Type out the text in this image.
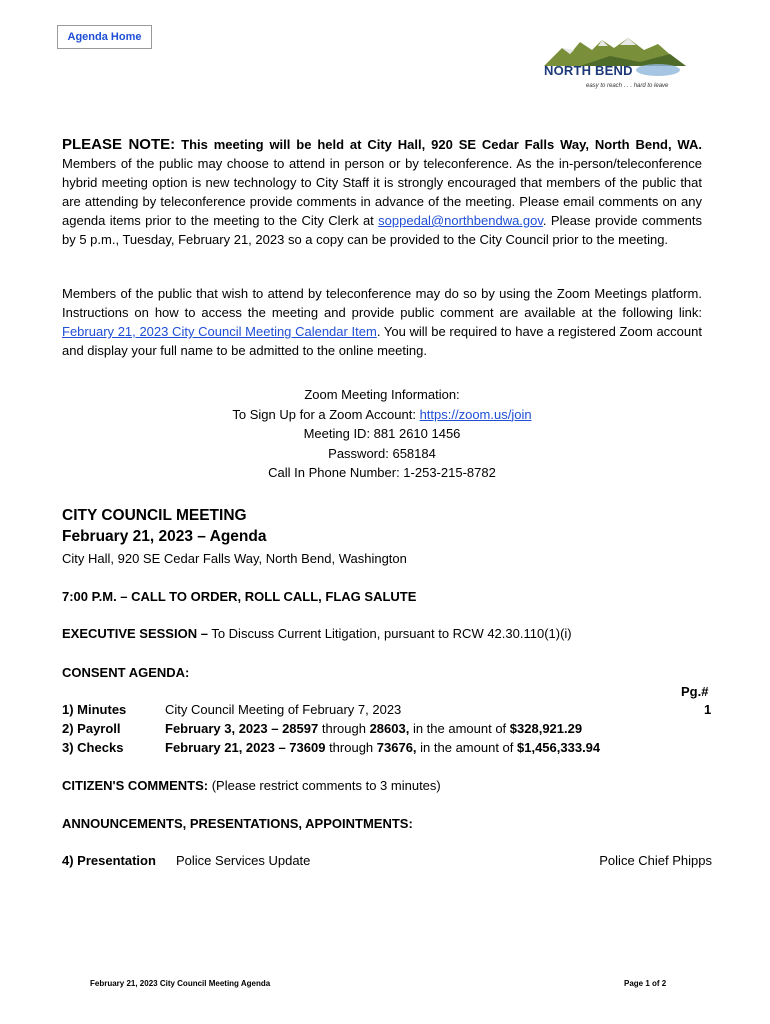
Agenda Home
NORTH BEND
easy to reach . . . hard to leave
PLEASE NOTE: This meeting will be held at City Hall, 920 SE Cedar Falls Way, North Bend, WA. Members of the public may choose to attend in person or by teleconference. As the in-person/teleconference hybrid meeting option is new technology to City Staff it is strongly encouraged that members of the public that are attending by teleconference provide comments in advance of the meeting. Please email comments on any agenda items prior to the meeting to the City Clerk at soppedal@northbendwa.gov. Please provide comments by 5 p.m., Tuesday, February 21, 2023 so a copy can be provided to the City Council prior to the meeting.
Members of the public that wish to attend by teleconference may do so by using the Zoom Meetings platform. Instructions on how to access the meeting and provide public comment are available at the following link: February 21, 2023 City Council Meeting Calendar Item. You will be required to have a registered Zoom account and display your full name to be admitted to the online meeting.
Zoom Meeting Information:
To Sign Up for a Zoom Account: https://zoom.us/join
Meeting ID: 881 2610 1456
Password: 658184
Call In Phone Number: 1-253-215-8782
CITY COUNCIL MEETING
February 21, 2023 – Agenda
City Hall, 920 SE Cedar Falls Way, North Bend, Washington
7:00 P.M. – CALL TO ORDER, ROLL CALL, FLAG SALUTE
EXECUTIVE SESSION – To Discuss Current Litigation, pursuant to RCW 42.30.110(1)(i)
CONSENT AGENDA:
Pg.#
1) Minutes	City Council Meeting of February 7, 2023	1
2) Payroll	February 3, 2023 – 28597 through 28603, in the amount of $328,921.29
3) Checks	February 21, 2023 – 73609 through 73676, in the amount of $1,456,333.94
CITIZEN'S COMMENTS: (Please restrict comments to 3 minutes)
ANNOUNCEMENTS, PRESENTATIONS, APPOINTMENTS:
4) Presentation Police Services Update	Police Chief Phipps
February 21, 2023 City Council Meeting Agenda	Page 1 of 2
